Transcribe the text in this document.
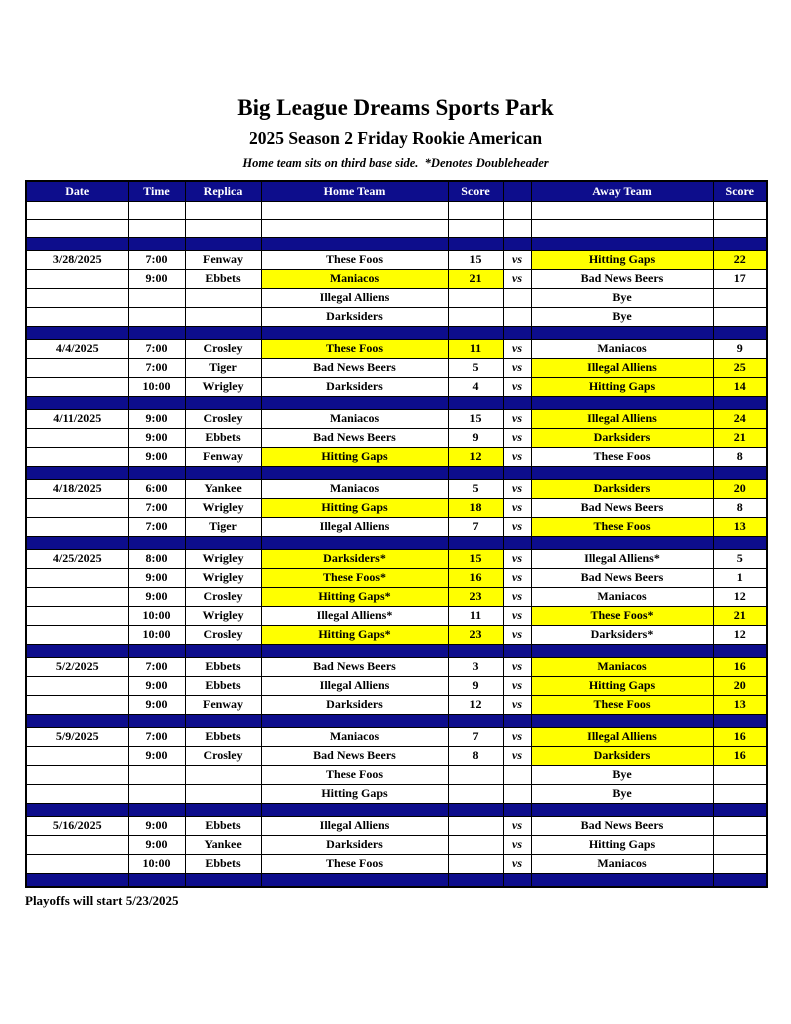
Big League Dreams Sports Park
2025 Season 2 Friday Rookie American
Home team sits on third base side.  *Denotes Doubleheader
Date	Time	Replica	Home Team	Score		Away Team	Score

3/28/2025	7:00	Fenway	These Foos	15	vs	Hitting Gaps	22
	9:00	Ebbets	Maniacos	21	vs	Bad News Beers	17
			Illegal Alliens			Bye	
			Darksiders			Bye	

4/4/2025	7:00	Crosley	These Foos	11	vs	Maniacos	9
	7:00	Tiger	Bad News Beers	5	vs	Illegal Alliens	25
	10:00	Wrigley	Darksiders	4	vs	Hitting Gaps	14

4/11/2025	9:00	Crosley	Maniacos	15	vs	Illegal Alliens	24
	9:00	Ebbets	Bad News Beers	9	vs	Darksiders	21
	9:00	Fenway	Hitting Gaps	12	vs	These Foos	8

4/18/2025	6:00	Yankee	Maniacos	5	vs	Darksiders	20
	7:00	Wrigley	Hitting Gaps	18	vs	Bad News Beers	8
	7:00	Tiger	Illegal Alliens	7	vs	These Foos	13

4/25/2025	8:00	Wrigley	Darksiders*	15	vs	Illegal Alliens*	5
	9:00	Wrigley	These Foos*	16	vs	Bad News Beers	1
	9:00	Crosley	Hitting Gaps*	23	vs	Maniacos	12
	10:00	Wrigley	Illegal Alliens*	11	vs	These Foos*	21
	10:00	Crosley	Hitting Gaps*	23	vs	Darksiders*	12

5/2/2025	7:00	Ebbets	Bad News Beers	3	vs	Maniacos	16
	9:00	Ebbets	Illegal Alliens	9	vs	Hitting Gaps	20
	9:00	Fenway	Darksiders	12	vs	These Foos	13

5/9/2025	7:00	Ebbets	Maniacos	7	vs	Illegal Alliens	16
	9:00	Crosley	Bad News Beers	8	vs	Darksiders	16
			These Foos			Bye	
			Hitting Gaps			Bye	

5/16/2025	9:00	Ebbets	Illegal Alliens		vs	Bad News Beers	
	9:00	Yankee	Darksiders		vs	Hitting Gaps	
	10:00	Ebbets	These Foos		vs	Maniacos	

Playoffs will start 5/23/2025
